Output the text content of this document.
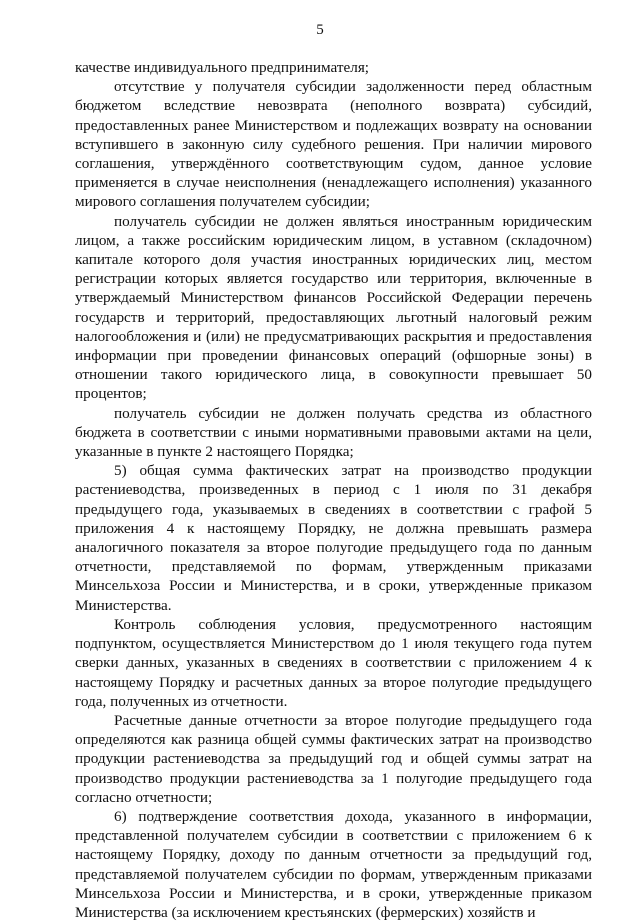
5

качестве индивидуального предпринимателя;

отсутствие у получателя субсидии задолженности перед областным бюджетом вследствие невозврата (неполного возврата) субсидий, предоставленных ранее Министерством и подлежащих возврату на основании вступившего в законную силу судебного решения. При наличии мирового соглашения, утверждённого соответствующим судом, данное условие применяется в случае неисполнения (ненадлежащего исполнения) указанного мирового соглашения получателем субсидии;

получатель субсидии не должен являться иностранным юридическим лицом, а также российским юридическим лицом, в уставном (складочном) капитале которого доля участия иностранных юридических лиц, местом регистрации которых является государство или территория, включенные в утверждаемый Министерством финансов Российской Федерации перечень государств и территорий, предоставляющих льготный налоговый режим налогообложения и (или) не предусматривающих раскрытия и предоставления информации при проведении финансовых операций (офшорные зоны) в отношении такого юридического лица, в совокупности превышает 50 процентов;

получатель субсидии не должен получать средства из областного бюджета в соответствии с иными нормативными правовыми актами на цели, указанные в пункте 2 настоящего Порядка;

5) общая сумма фактических затрат на производство продукции растениеводства, произведенных в период с 1 июля по 31 декабря предыдущего года, указываемых в сведениях в соответствии с графой 5 приложения 4 к настоящему Порядку, не должна превышать размера аналогичного показателя за второе полугодие предыдущего года по данным отчетности, представляемой по формам, утвержденным приказами Минсельхоза России и Министерства, и в сроки, утвержденные приказом Министерства.

Контроль соблюдения условия, предусмотренного настоящим подпунктом, осуществляется Министерством до 1 июля текущего года путем сверки данных, указанных в сведениях в соответствии с приложением 4 к настоящему Порядку и расчетных данных за второе полугодие предыдущего года, полученных из отчетности.

Расчетные данные отчетности за второе полугодие предыдущего года определяются как разница общей суммы фактических затрат на производство продукции растениеводства за предыдущий год и общей суммы затрат на производство продукции растениеводства за 1 полугодие предыдущего года согласно отчетности;

6) подтверждение соответствия дохода, указанного в информации, представленной получателем субсидии в соответствии с приложением 6 к настоящему Порядку, доходу по данным отчетности за предыдущий год, представляемой получателем субсидии по формам, утвержденным приказами Минсельхоза России и Министерства, и в сроки, утвержденные приказом Министерства (за исключением крестьянских (фермерских) хозяйств и
